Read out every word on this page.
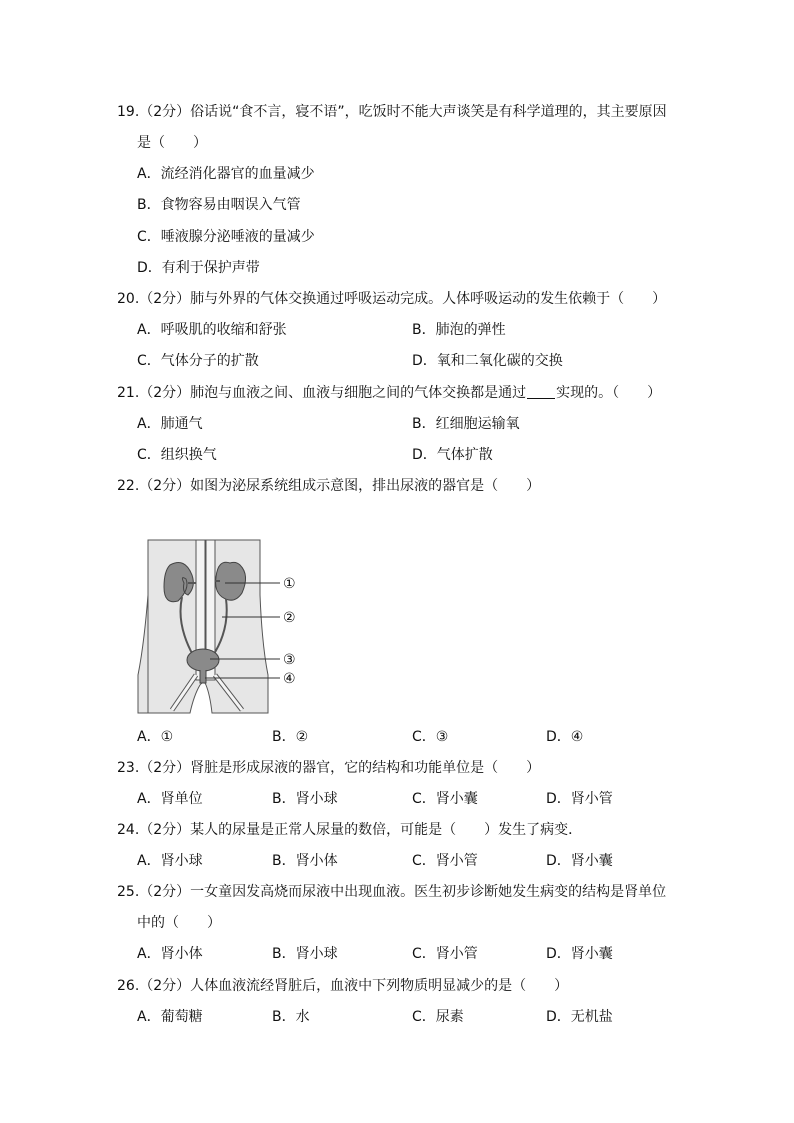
19.（2分）俗话说“食不言，寝不语”，吃饭时不能大声谈笑是有科学道理的，其主要原因
是（　　）
A．流经消化器官的血量减少
B．食物容易由咽误入气管
C．唾液腺分泌唾液的量减少
D．有利于保护声带
20.（2分）肺与外界的气体交换通过呼吸运动完成。人体呼吸运动的发生依赖于（　　）
A．呼吸肌的收缩和舒张	B．肺泡的弹性
C．气体分子的扩散	D．氧和二氧化碳的交换
21.（2分）肺泡与血液之间、血液与细胞之间的气体交换都是通过 实现的。（　　）
A．肺通气	B．红细胞运输氧
C．组织换气	D．气体扩散
22.（2分）如图为泌尿系统组成示意图，排出尿液的器官是（　　）
①
②
③
④
A．①	B．②	C．③	D．④
23.（2分）肾脏是形成尿液的器官，它的结构和功能单位是（　　）
A．肾单位	B．肾小球	C．肾小囊	D．肾小管
24.（2分）某人的尿量是正常人尿量的数倍，可能是（　　）发生了病变．
A．肾小球	B．肾小体	C．肾小管	D．肾小囊
25.（2分）一女童因发高烧而尿液中出现血液。医生初步诊断她发生病变的结构是肾单位
中的（　　）
A．肾小体	B．肾小球	C．肾小管	D．肾小囊
26.（2分）人体血液流经肾脏后，血液中下列物质明显减少的是（　　）
A．葡萄糖	B．水	C．尿素	D．无机盐
